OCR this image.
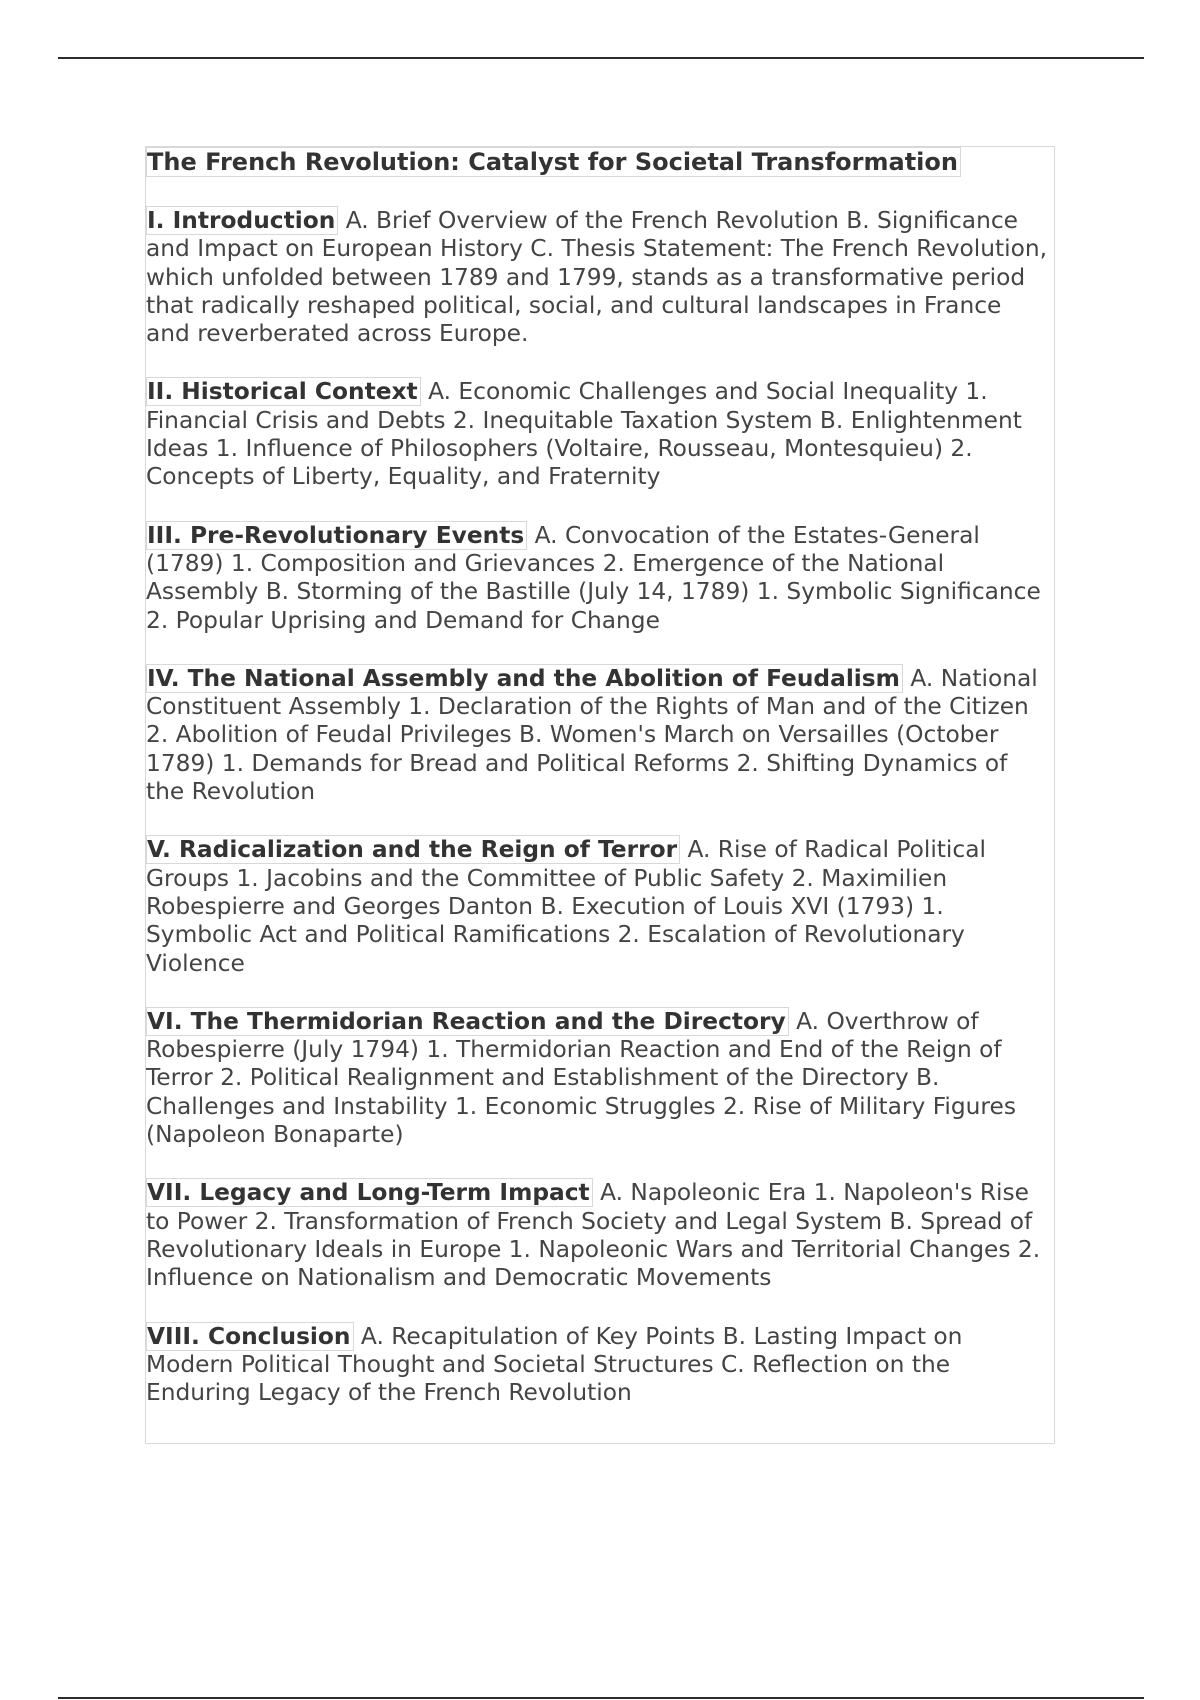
The French Revolution: Catalyst for Societal Transformation
I. Introduction A. Brief Overview of the French Revolution B. Significance and Impact on European History C. Thesis Statement: The French Revolution, which unfolded between 1789 and 1799, stands as a transformative period that radically reshaped political, social, and cultural landscapes in France and reverberated across Europe.
II. Historical Context A. Economic Challenges and Social Inequality 1. Financial Crisis and Debts 2. Inequitable Taxation System B. Enlightenment Ideas 1. Influence of Philosophers (Voltaire, Rousseau, Montesquieu) 2. Concepts of Liberty, Equality, and Fraternity
III. Pre-Revolutionary Events A. Convocation of the Estates-General (1789) 1. Composition and Grievances 2. Emergence of the National Assembly B. Storming of the Bastille (July 14, 1789) 1. Symbolic Significance 2. Popular Uprising and Demand for Change
IV. The National Assembly and the Abolition of Feudalism A. National Constituent Assembly 1. Declaration of the Rights of Man and of the Citizen 2. Abolition of Feudal Privileges B. Women's March on Versailles (October 1789) 1. Demands for Bread and Political Reforms 2. Shifting Dynamics of the Revolution
V. Radicalization and the Reign of Terror A. Rise of Radical Political Groups 1. Jacobins and the Committee of Public Safety 2. Maximilien Robespierre and Georges Danton B. Execution of Louis XVI (1793) 1. Symbolic Act and Political Ramifications 2. Escalation of Revolutionary Violence
VI. The Thermidorian Reaction and the Directory A. Overthrow of Robespierre (July 1794) 1. Thermidorian Reaction and End of the Reign of Terror 2. Political Realignment and Establishment of the Directory B. Challenges and Instability 1. Economic Struggles 2. Rise of Military Figures (Napoleon Bonaparte)
VII. Legacy and Long-Term Impact A. Napoleonic Era 1. Napoleon's Rise to Power 2. Transformation of French Society and Legal System B. Spread of Revolutionary Ideals in Europe 1. Napoleonic Wars and Territorial Changes 2. Influence on Nationalism and Democratic Movements
VIII. Conclusion A. Recapitulation of Key Points B. Lasting Impact on Modern Political Thought and Societal Structures C. Reflection on the Enduring Legacy of the French Revolution
